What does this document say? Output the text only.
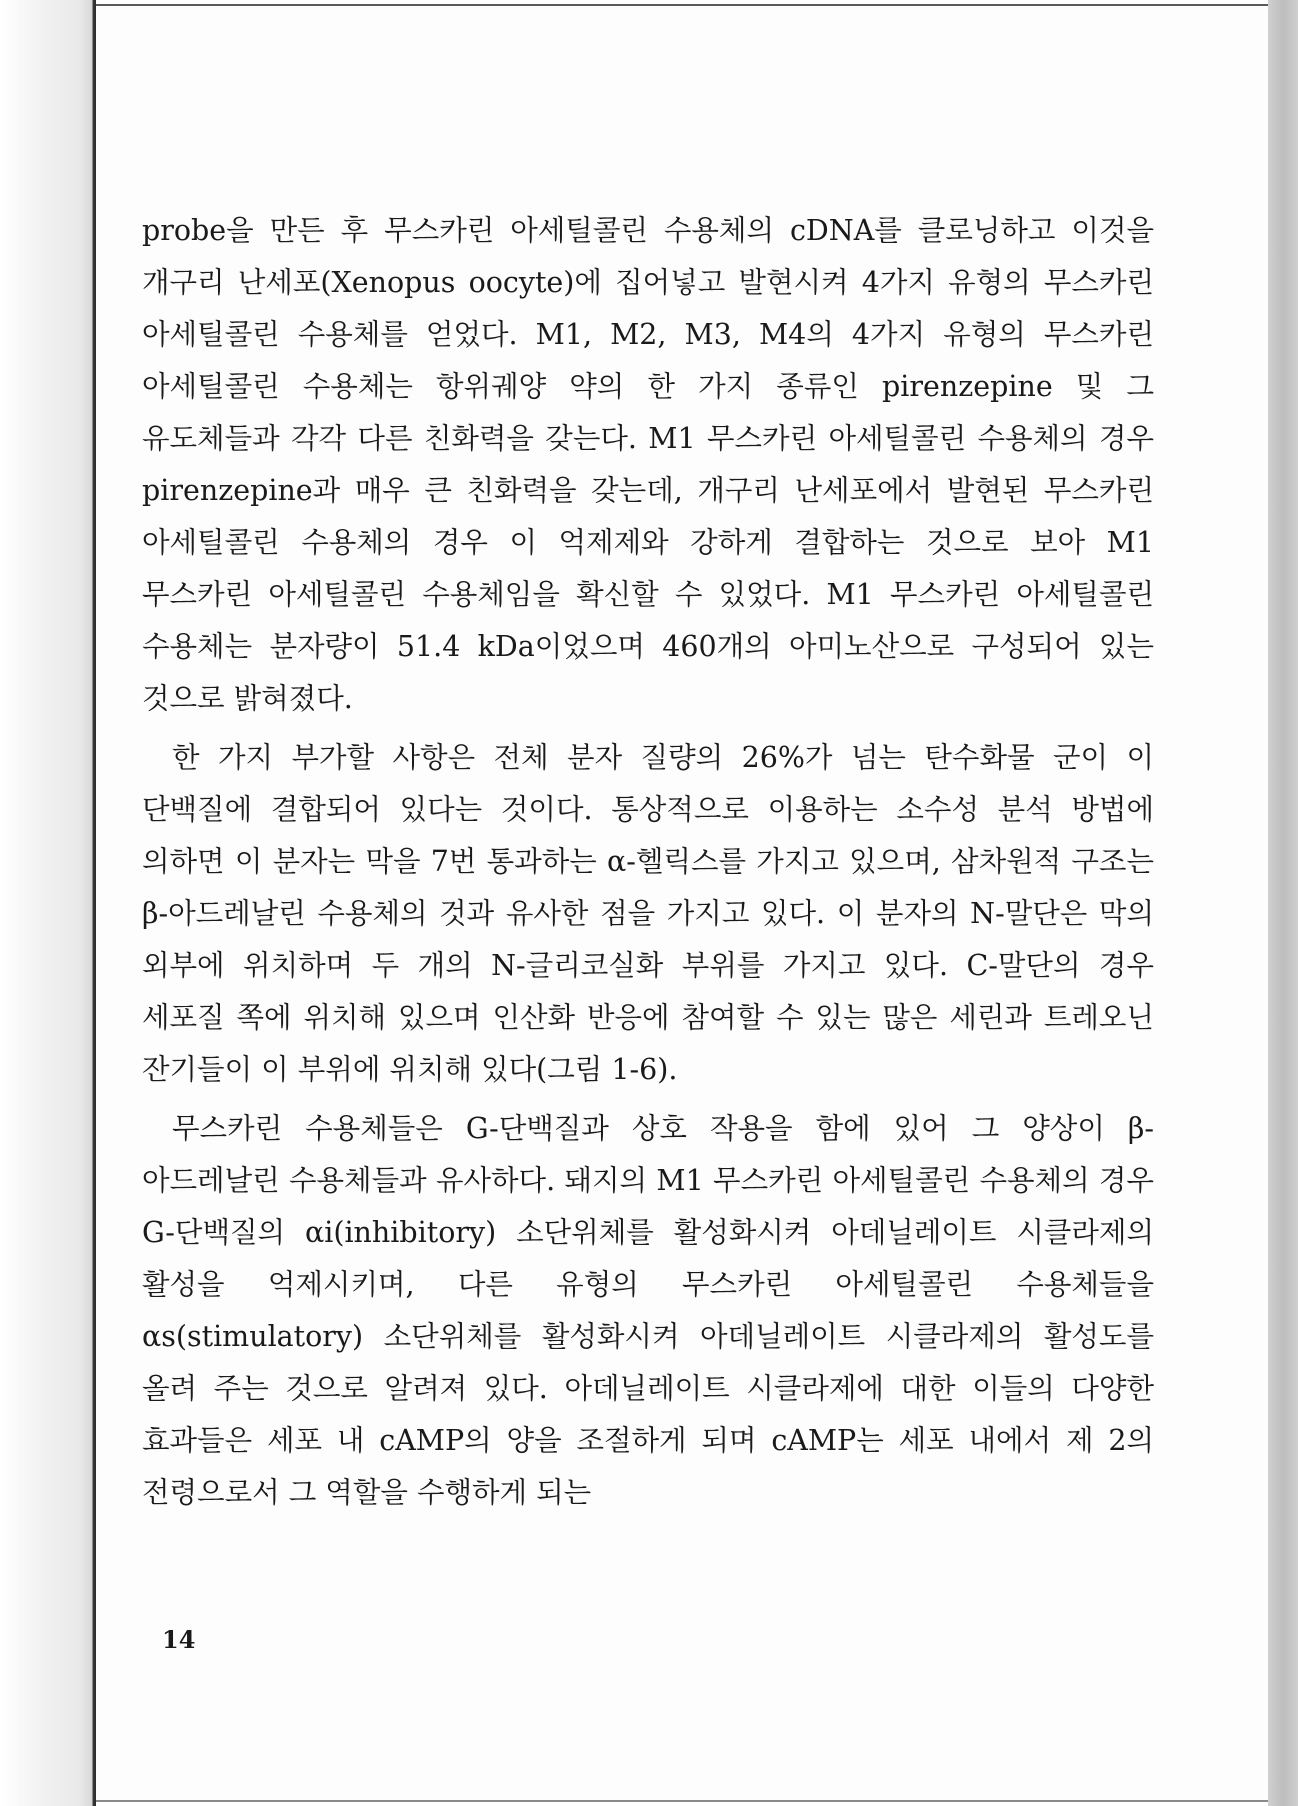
probe을 만든 후 무스카린 아세틸콜린 수용체의 cDNA를 클로닝하고 이것을 개구리 난세포(Xenopus oocyte)에 집어넣고 발현시켜 4가지 유형의 무스카린 아세틸콜린 수용체를 얻었다. M1, M2, M3, M4의 4가지 유형의 무스카린 아세틸콜린 수용체는 항위궤양 약의 한 가지 종류인 pirenzepine 및 그 유도체들과 각각 다른 친화력을 갖는다. M1 무스카린 아세틸콜린 수용체의 경우 pirenzepine과 매우 큰 친화력을 갖는데, 개구리 난세포에서 발현된 무스카린 아세틸콜린 수용체의 경우 이 억제제와 강하게 결합하는 것으로 보아 M1 무스카린 아세틸콜린 수용체임을 확신할 수 있었다. M1 무스카린 아세틸콜린 수용체는 분자량이 51.4 kDa이었으며 460개의 아미노산으로 구성되어 있는 것으로 밝혀졌다.

한 가지 부가할 사항은 전체 분자 질량의 26%가 넘는 탄수화물 군이 이 단백질에 결합되어 있다는 것이다. 통상적으로 이용하는 소수성 분석 방법에 의하면 이 분자는 막을 7번 통과하는 α-헬릭스를 가지고 있으며, 삼차원적 구조는 β-아드레날린 수용체의 것과 유사한 점을 가지고 있다. 이 분자의 N-말단은 막의 외부에 위치하며 두 개의 N-글리코실화 부위를 가지고 있다. C-말단의 경우 세포질 쪽에 위치해 있으며 인산화 반응에 참여할 수 있는 많은 세린과 트레오닌 잔기들이 이 부위에 위치해 있다(그림 1-6).

무스카린 수용체들은 G-단백질과 상호 작용을 함에 있어 그 양상이 β-아드레날린 수용체들과 유사하다. 돼지의 M1 무스카린 아세틸콜린 수용체의 경우 G-단백질의 αi(inhibitory) 소단위체를 활성화시켜 아데닐레이트 시클라제의 활성을 억제시키며, 다른 유형의 무스카린 아세틸콜린 수용체들을 αs(stimulatory) 소단위체를 활성화시켜 아데닐레이트 시클라제의 활성도를 올려 주는 것으로 알려져 있다. 아데닐레이트 시클라제에 대한 이들의 다양한 효과들은 세포 내 cAMP의 양을 조절하게 되며 cAMP는 세포 내에서 제 2의 전령으로서 그 역할을 수행하게 되는

14
